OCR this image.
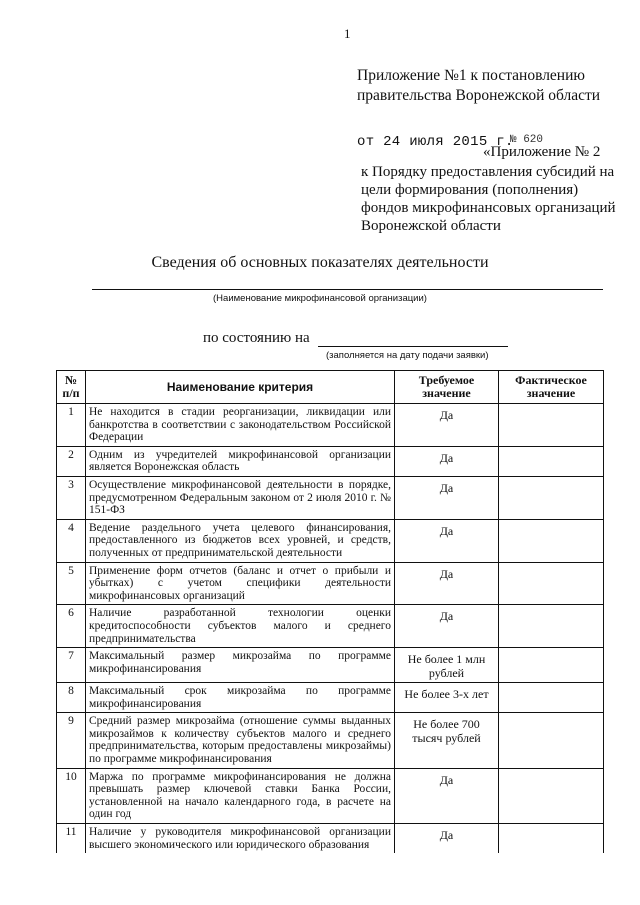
1
Приложение №1 к постановлению
правительства Воронежской области
от 24 июля 2015 г.
№ 620
«Приложение № 2
к Порядку предоставления субсидий на цели формирования (пополнения) фондов микрофинансовых организаций Воронежской области
Сведения об основных показателях деятельности
(Наименование микрофинансовой организации)
по состоянию на
(заполняется на дату подачи заявки)
№ п/п	Наименование критерия	Требуемое значение	Фактическое значение
1	Не находится в стадии реорганизации, ликвидации или банкротства в соответствии с законодательством Российской Федерации	Да	
2	Одним из учредителей микрофинансовой организации является Воронежская область	Да	
3	Осуществление микрофинансовой деятельности в порядке, предусмотренном Федеральным законом от 2 июля 2010 г. № 151-ФЗ	Да	
4	Ведение раздельного учета целевого финансирования, предоставленного из бюджетов всех уровней, и средств, полученных от предпринимательской деятельности	Да	
5	Применение форм отчетов (баланс и отчет о прибыли и убытках) с учетом специфики деятельности микрофинансовых организаций	Да	
6	Наличие разработанной технологии оценки кредитоспособности субъектов малого и среднего предпринимательства	Да	
7	Максимальный размер микрозайма по программе микрофинансирования	Не более 1 млн рублей	
8	Максимальный срок микрозайма по программе микрофинансирования	Не более 3-х лет	
9	Средний размер микрозайма (отношение суммы выданных микрозаймов к количеству субъектов малого и среднего предпринимательства, которым предоставлены микрозаймы) по программе микрофинансирования	Не более 700 тысяч рублей	
10	Маржа по программе микрофинансирования не должна превышать размер ключевой ставки Банка России, установленной на начало календарного года, в расчете на один год	Да	
11	Наличие у руководителя микрофинансовой организации высшего экономического или юридического образования	Да	
